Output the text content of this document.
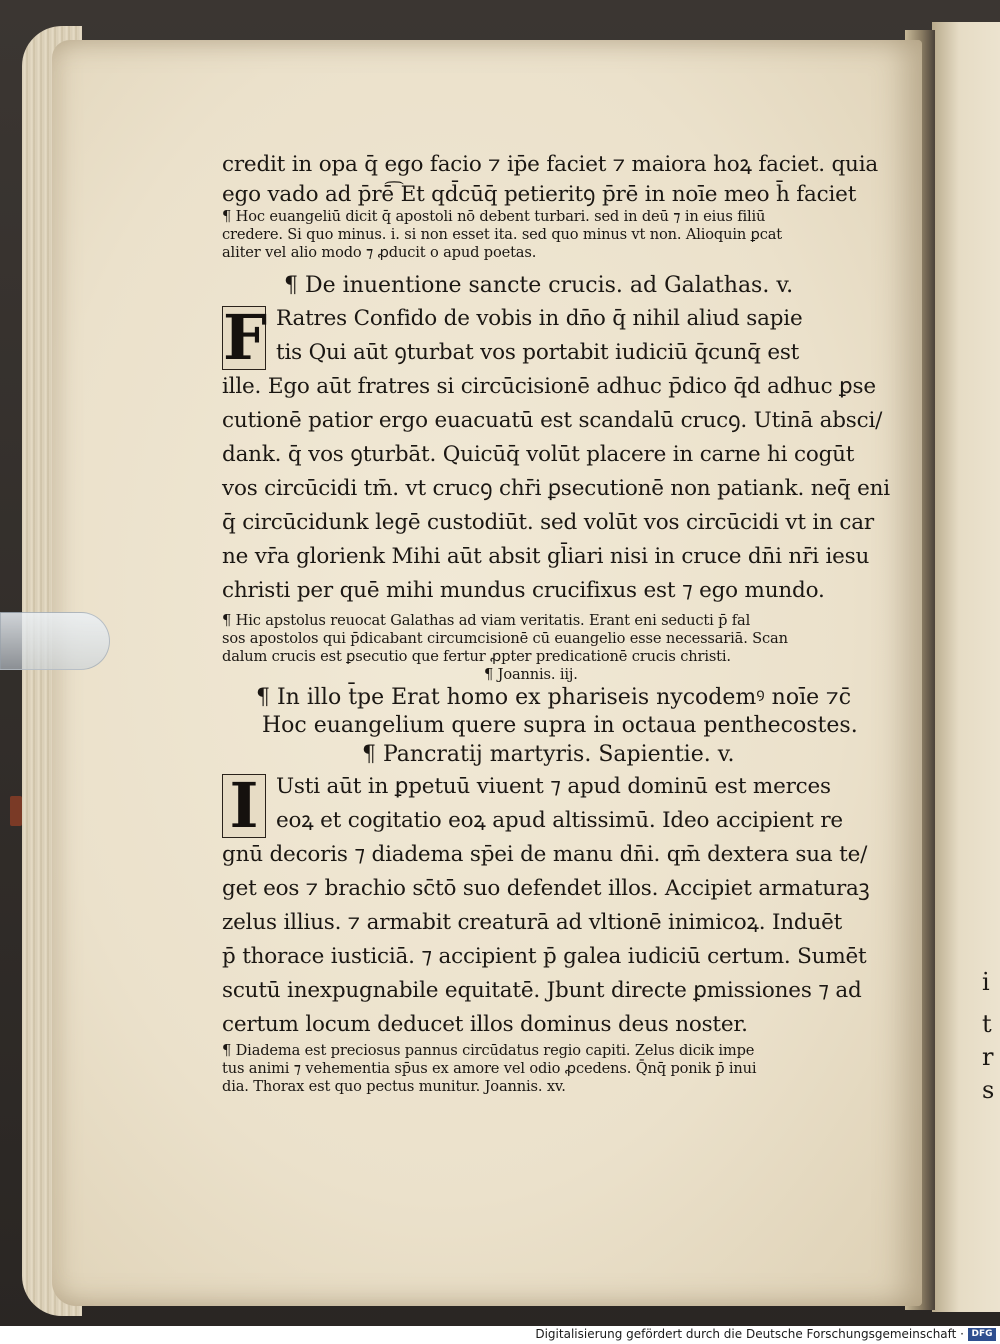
i
t
r
s
credit in opa q̄ ego facio ⁊ ip̄e faciet ⁊ maiora hoꝝ faciet. quia
ego vado ad p̄rē͡ Et qd̄cūq̄ petieritꝯ p̄rē in noīe meo h̄ faciet
¶ Hoc euangeliū dicit q̄ apostoli nō debent turbari. sed in deū ⁊ in eius filiū
credere. Si quo minus. i. si non esset ita. sed quo minus vt non. Alioquin ꝑcat
aliter vel alio modo ⁊ ꝓducit o apud poetas.
¶ De inuentione sancte crucis. ad Galathas. v.
F Ratres Confido de vobis in dn̄o q̄ nihil aliud sapie
tis Qui aūt ꝯturbat vos portabit iudiciū q̄cunq̄ est
ille. Ego aūt fratres si circūcisionē adhuc p̄dico q̄d adhuc ꝑse
cutionē patior ergo euacuatū est scandalū crucꝯ. Utinā absci/
dank. q̄ vos ꝯturbāt. Quicūq̄ volūt placere in carne hi cogūt
vos circūcidi tm̄. vt crucꝯ chr̄i ꝑsecutionē non patiank. neq̄ eni
q̄ circūcidunk legē custodiūt. sed volūt vos circūcidi vt in car
ne vr̄a glorienk Mihi aūt absit gl̄iari nisi in cruce dn̄i nr̄i iesu
christi per quē mihi mundus crucifixus est ⁊ ego mundo.
¶ Hic apstolus reuocat Galathas ad viam veritatis. Erant eni seducti p̄ fal
sos apostolos qui p̄dicabant circumcisionē cū euangelio esse necessariā. Scan
dalum crucis est ꝑsecutio que fertur ꝓpter predicationē crucis christi.
¶ Joannis. iij.
¶ In illo t̄pe Erat homo ex phariseis nycodemꝰ noīe ⁊c̄
Hoc euangelium quere supra in octaua penthecostes.
¶ Pancratij martyris. Sapientie. v.
I Usti aūt in ꝑpetuū viuent ⁊ apud dominū est merces
eoꝝ et cogitatio eoꝝ apud altissimū. Ideo accipient re
gnū decoris ⁊ diadema sp̄ei de manu dn̄i. qm̄ dextera sua te/
get eos ⁊ brachio sc̄tō suo defendet illos. Accipiet armaturaꝫ
zelus illius. ⁊ armabit creaturā ad vltionē inimicoꝝ. Induēt
p̄ thorace iusticiā. ⁊ accipient p̄ galea iudiciū certum. Sumēt
scutū inexpugnabile equitatē. Jbunt directe ꝑmissiones ⁊ ad
certum locum deducet illos dominus deus noster.
¶ Diadema est preciosus pannus circūdatus regio capiti. Zelus dicik impe
tus animi ⁊ vehementia sp̄us ex amore vel odio ꝓcedens. Q̄nq̄ ponik p̄ inui
dia. Thorax est quo pectus munitur. Joannis. xv.
Digitalisierung gefördert durch die Deutsche Forschungsgemeinschaft · DFG
